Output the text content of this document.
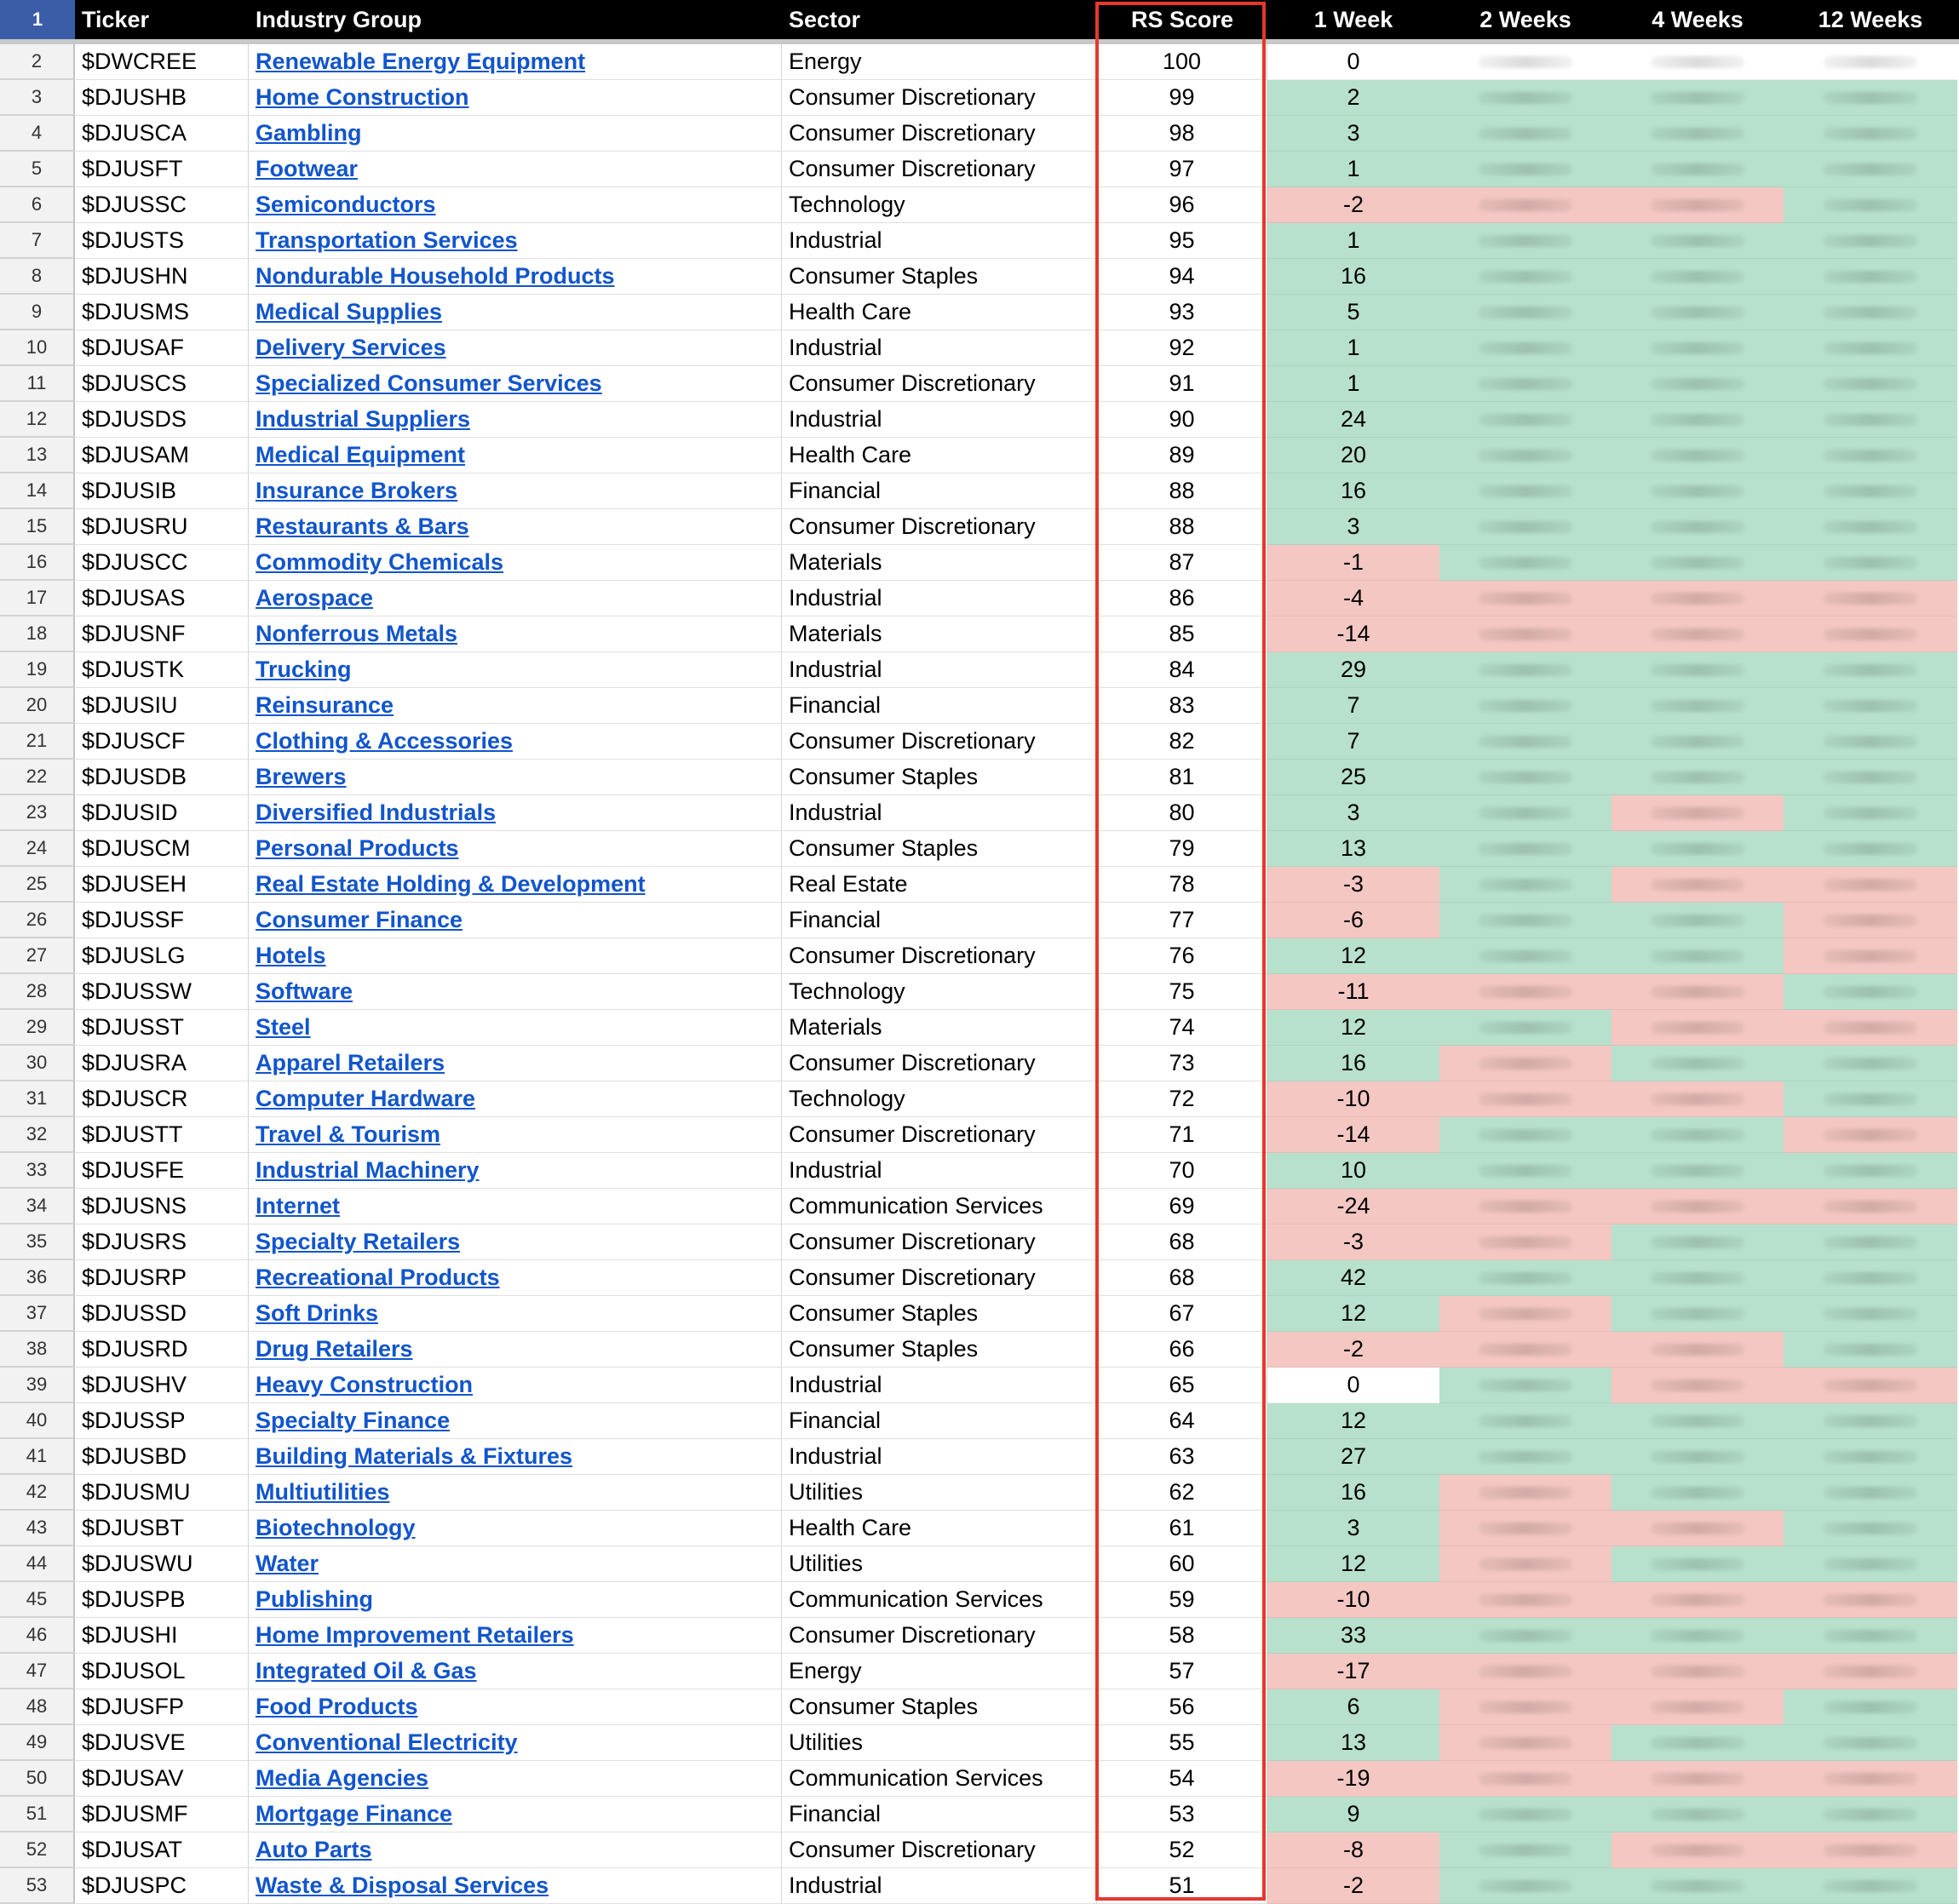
1	Ticker	Industry Group	Sector	RS Score	1 Week	2 Weeks	4 Weeks	12 Weeks
2	$DWCREE	Renewable Energy Equipment	Energy	100	0
3	$DJUSHB	Home Construction	Consumer Discretionary	99	2
4	$DJUSCA	Gambling	Consumer Discretionary	98	3
5	$DJUSFT	Footwear	Consumer Discretionary	97	1
6	$DJUSSC	Semiconductors	Technology	96	-2
7	$DJUSTS	Transportation Services	Industrial	95	1
8	$DJUSHN	Nondurable Household Products	Consumer Staples	94	16
9	$DJUSMS	Medical Supplies	Health Care	93	5
10	$DJUSAF	Delivery Services	Industrial	92	1
11	$DJUSCS	Specialized Consumer Services	Consumer Discretionary	91	1
12	$DJUSDS	Industrial Suppliers	Industrial	90	24
13	$DJUSAM	Medical Equipment	Health Care	89	20
14	$DJUSIB	Insurance Brokers	Financial	88	16
15	$DJUSRU	Restaurants & Bars	Consumer Discretionary	88	3
16	$DJUSCC	Commodity Chemicals	Materials	87	-1
17	$DJUSAS	Aerospace	Industrial	86	-4
18	$DJUSNF	Nonferrous Metals	Materials	85	-14
19	$DJUSTK	Trucking	Industrial	84	29
20	$DJUSIU	Reinsurance	Financial	83	7
21	$DJUSCF	Clothing & Accessories	Consumer Discretionary	82	7
22	$DJUSDB	Brewers	Consumer Staples	81	25
23	$DJUSID	Diversified Industrials	Industrial	80	3
24	$DJUSCM	Personal Products	Consumer Staples	79	13
25	$DJUSEH	Real Estate Holding & Development	Real Estate	78	-3
26	$DJUSSF	Consumer Finance	Financial	77	-6
27	$DJUSLG	Hotels	Consumer Discretionary	76	12
28	$DJUSSW	Software	Technology	75	-11
29	$DJUSST	Steel	Materials	74	12
30	$DJUSRA	Apparel Retailers	Consumer Discretionary	73	16
31	$DJUSCR	Computer Hardware	Technology	72	-10
32	$DJUSTT	Travel & Tourism	Consumer Discretionary	71	-14
33	$DJUSFE	Industrial Machinery	Industrial	70	10
34	$DJUSNS	Internet	Communication Services	69	-24
35	$DJUSRS	Specialty Retailers	Consumer Discretionary	68	-3
36	$DJUSRP	Recreational Products	Consumer Discretionary	68	42
37	$DJUSSD	Soft Drinks	Consumer Staples	67	12
38	$DJUSRD	Drug Retailers	Consumer Staples	66	-2
39	$DJUSHV	Heavy Construction	Industrial	65	0
40	$DJUSSP	Specialty Finance	Financial	64	12
41	$DJUSBD	Building Materials & Fixtures	Industrial	63	27
42	$DJUSMU	Multiutilities	Utilities	62	16
43	$DJUSBT	Biotechnology	Health Care	61	3
44	$DJUSWU	Water	Utilities	60	12
45	$DJUSPB	Publishing	Communication Services	59	-10
46	$DJUSHI	Home Improvement Retailers	Consumer Discretionary	58	33
47	$DJUSOL	Integrated Oil & Gas	Energy	57	-17
48	$DJUSFP	Food Products	Consumer Staples	56	6
49	$DJUSVE	Conventional Electricity	Utilities	55	13
50	$DJUSAV	Media Agencies	Communication Services	54	-19
51	$DJUSMF	Mortgage Finance	Financial	53	9
52	$DJUSAT	Auto Parts	Consumer Discretionary	52	-8
53	$DJUSPC	Waste & Disposal Services	Industrial	51	-2
